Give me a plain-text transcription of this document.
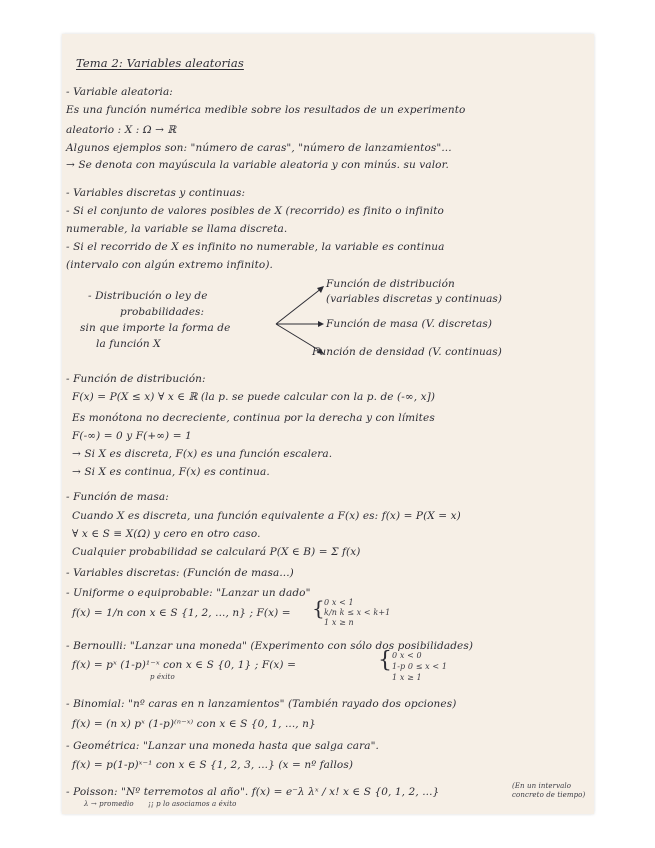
Tema 2: Variables aleatorias
- Variable aleatoria:
Es una función numérica medible sobre los resultados de un experimento
aleatorio : X : Ω → ℝ
Algunos ejemplos son: "número de caras", "número de lanzamientos"...
→ Se denota con mayúscula la variable aleatoria y con minús. su valor.
- Variables discretas y continuas:
- Si el conjunto de valores posibles de X (recorrido) es finito o infinito
numerable, la variable se llama discreta.
- Si el recorrido de X es infinito no numerable, la variable es continua
(intervalo con algún extremo infinito).
- Distribución o ley de
probabilidades:
sin que importe la forma de
la función X
Función de distribución
(variables discretas y continuas)
Función de masa (V. discretas)
Función de densidad (V. continuas)
- Función de distribución:
F(x) = P(X ≤ x) ∀ x ∈ ℝ (la p. se puede calcular con la p. de (-∞, x])
Es monótona no decreciente, continua por la derecha y con límites
F(-∞) = 0 y F(+∞) = 1
→ Si X es discreta, F(x) es una función escalera.
→ Si X es continua, F(x) es continua.
- Función de masa:
Cuando X es discreta, una función equivalente a F(x) es: f(x) = P(X = x)
∀ x ∈ S ≡ X(Ω) y cero en otro caso.
Cualquier probabilidad se calculará P(X ∈ B) = Σ f(x)
- Variables discretas: (Función de masa...)
- Uniforme o equiprobable: "Lanzar un dado"
f(x) = 1/n con x ∈ S {1, 2, ..., n} ; F(x) = { 0 x < 1
k/n k ≤ x < k+1
1 x ≥ n
- Bernoulli: "Lanzar una moneda" (Experimento con sólo dos posibilidades)
f(x) = pˣ (1-p)¹⁻ˣ con x ∈ S {0, 1} ; F(x) =
p éxito
{ 0 x < 0
1-p 0 ≤ x < 1
1 x ≥ 1
- Binomial: "nº caras en n lanzamientos" (También rayado dos opciones)
f(x) = (n x) pˣ (1-p)⁽ⁿ⁻ˣ⁾ con x ∈ S {0, 1, ..., n}
- Geométrica: "Lanzar una moneda hasta que salga cara".
f(x) = p(1-p)ˣ⁻¹ con x ∈ S {1, 2, 3, ...} (x = nº fallos)
- Poisson: "Nº terremotos al año". f(x) = e⁻λ λˣ / x! x ∈ S {0, 1, 2, ...}	(En un intervalo concreto de tiempo)
λ → promedio ¡¡ p lo asociamos a éxito
